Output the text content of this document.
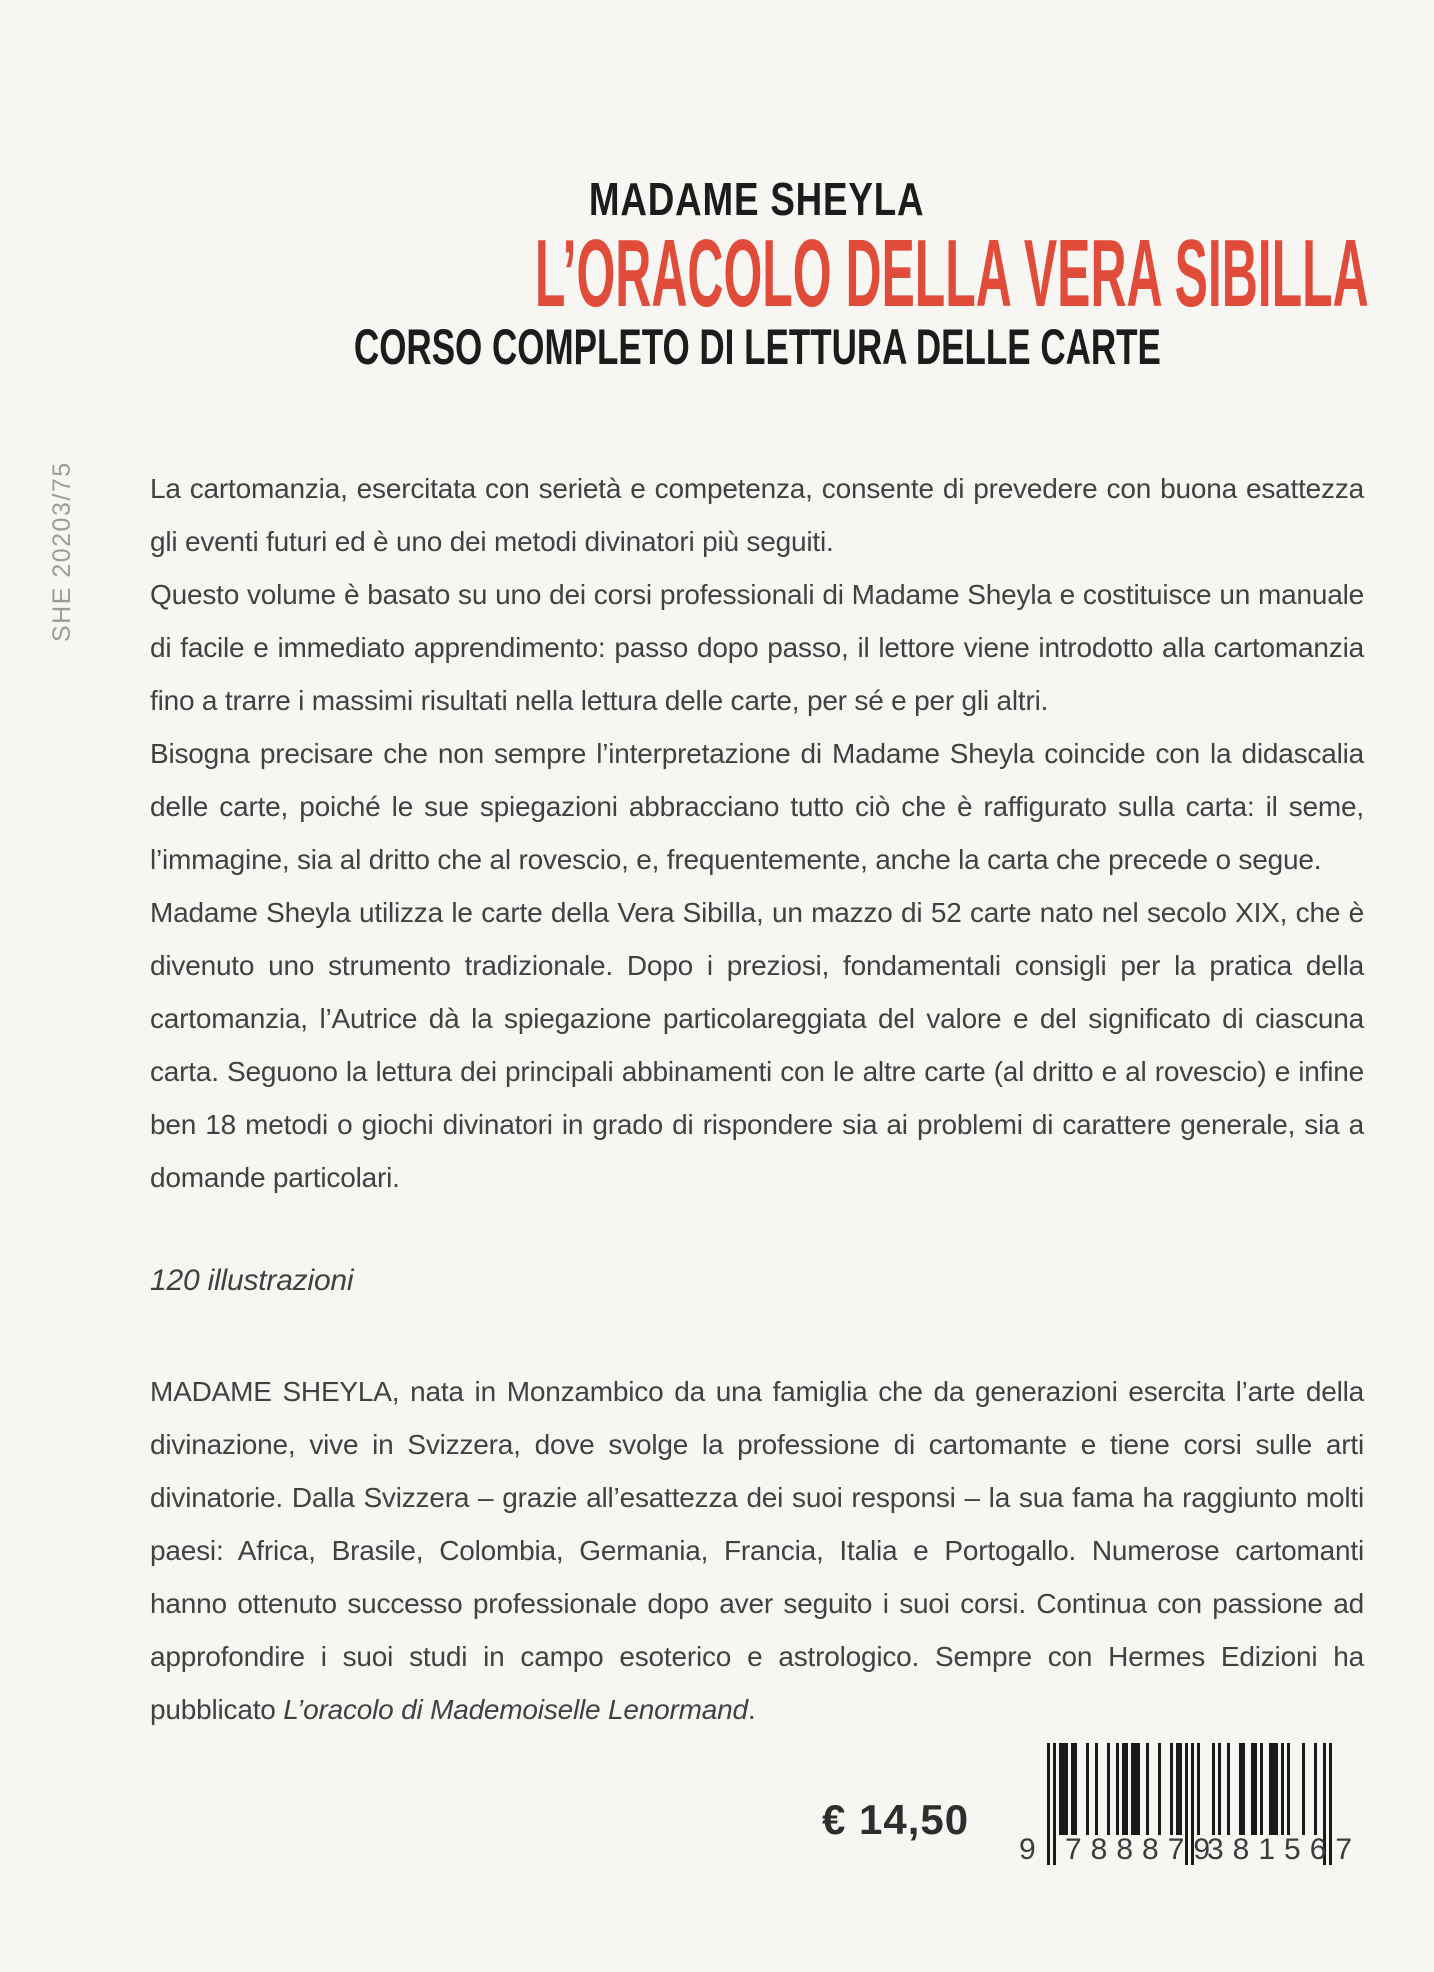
SHE 20203/75
MADAME SHEYLA
L’ORACOLO DELLA VERA SIBILLA
CORSO COMPLETO DI LETTURA DELLE CARTE

La cartomanzia, esercitata con serietà e competenza, consente di prevedere con buona esattezza gli eventi futuri ed è uno dei metodi divinatori più seguiti.

Questo volume è basato su uno dei corsi professionali di Madame Sheyla e costituisce un manuale di facile e immediato apprendimento: passo dopo passo, il lettore viene introdotto alla cartomanzia fino a trarre i massimi risultati nella lettura delle carte, per sé e per gli altri.

Bisogna precisare che non sempre l’interpretazione di Madame Sheyla coincide con la didascalia delle carte, poiché le sue spiegazioni abbracciano tutto ciò che è raffigurato sulla carta: il seme, l’immagine, sia al dritto che al rovescio, e, frequentemente, anche la carta che precede o segue.

Madame Sheyla utilizza le carte della Vera Sibilla, un mazzo di 52 carte nato nel secolo XIX, che è divenuto uno strumento tradizionale. Dopo i preziosi, fondamentali consigli per la pratica della cartomanzia, l’Autrice dà la spiegazione particolareggiata del valore e del significato di ciascuna carta. Seguono la lettura dei principali abbinamenti con le altre carte (al dritto e al rovescio) e infine ben 18 metodi o giochi divinatori in grado di rispondere sia ai problemi di carattere generale, sia a domande particolari.

120 illustrazioni

MADAME SHEYLA, nata in Monzambico da una famiglia che da generazioni esercita l’arte della divinazione, vive in Svizzera, dove svolge la professione di cartomante e tiene corsi sulle arti divinatorie. Dalla Svizzera – grazie all’esattezza dei suoi responsi – la sua fama ha raggiunto molti paesi: Africa, Brasile, Colombia, Germania, Francia, Italia e Portogallo. Numerose cartomanti hanno ottenuto successo professionale dopo aver seguito i suoi corsi. Continua con passione ad approfondire i suoi studi in campo esoterico e astrologico. Sempre con Hermes Edizioni ha pubblicato L’oracolo di Mademoiselle Lenormand.

€ 14,50
9 788879
381567
